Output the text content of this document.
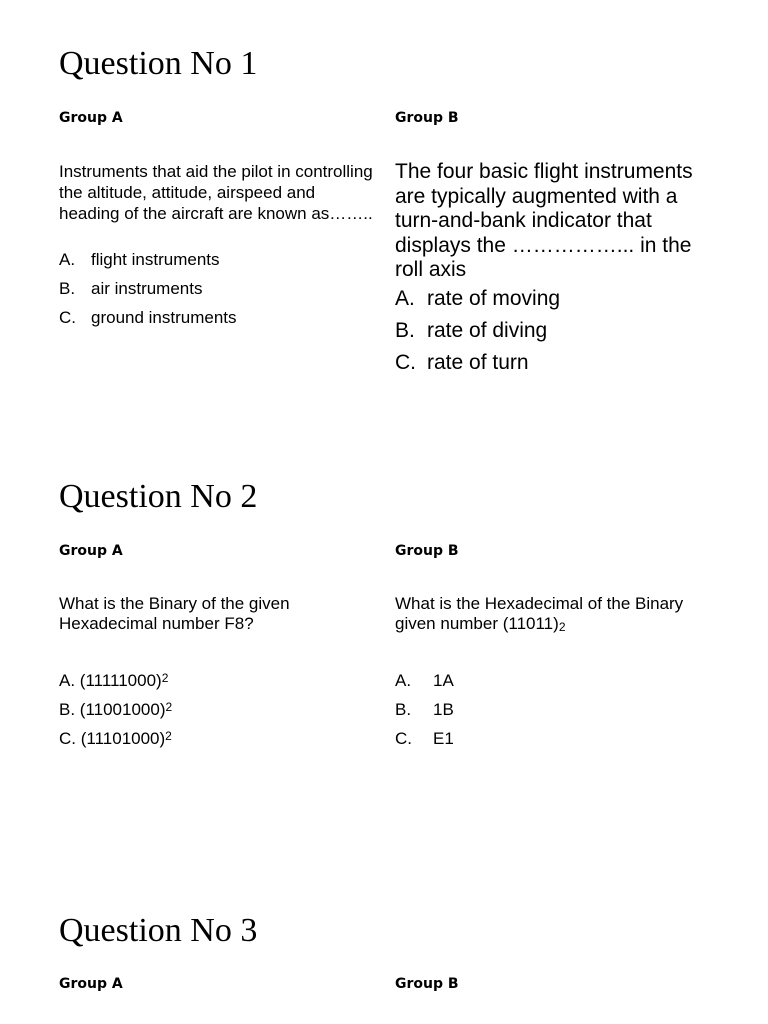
Question No 1
Group A	Group B

Instruments that aid the pilot in controlling the altitude, attitude, airspeed and heading of the aircraft are known as……..

A. flight instruments
B. air instruments
C. ground instruments

The four basic flight instruments are typically augmented with a turn-and-bank indicator that displays the ……………... in the roll axis

A. rate of moving
B. rate of diving
C. rate of turn
Question No 2
Group A	Group B

What is the Binary of the given Hexadecimal number F8?

A.
(11111000) 2
B.
(11001000) 2
C.
(11101000) 2

What is the Hexadecimal of the Binary given number (11011)2

A.	1A
B.	1B
C.	E1
Question No 3
Group A	Group B
